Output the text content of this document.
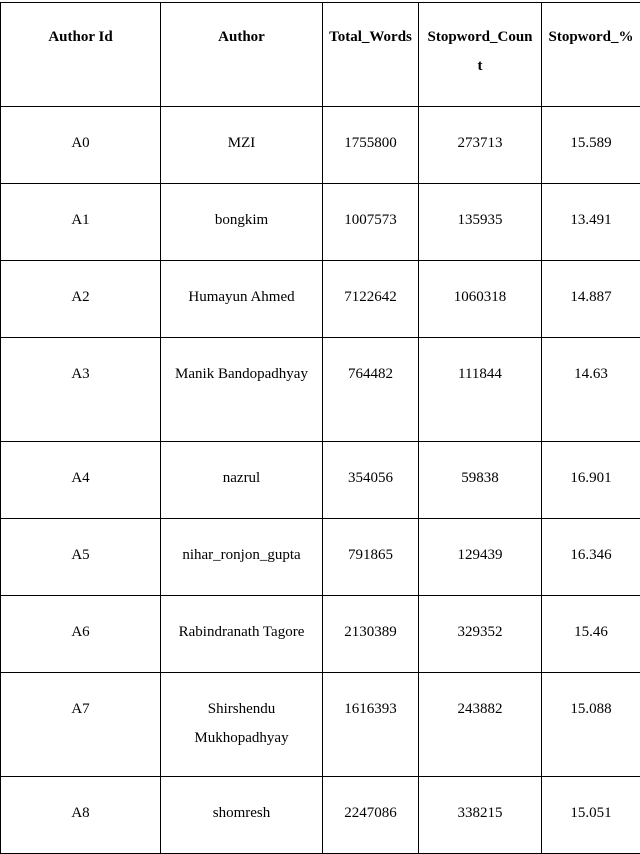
Author Id	Author	Total_Words	Stopword_Count	Stopword_%
A0	MZI	1755800	273713	15.589
A1	bongkim	1007573	135935	13.491
A2	Humayun Ahmed	7122642	1060318	14.887
A3	Manik Bandopadhyay	764482	111844	14.63
A4	nazrul	354056	59838	16.901
A5	nihar_ronjon_gupta	791865	129439	16.346
A6	Rabindranath Tagore	2130389	329352	15.46
A7	Shirshendu Mukhopadhyay	1616393	243882	15.088
A8	shomresh	2247086	338215	15.051
